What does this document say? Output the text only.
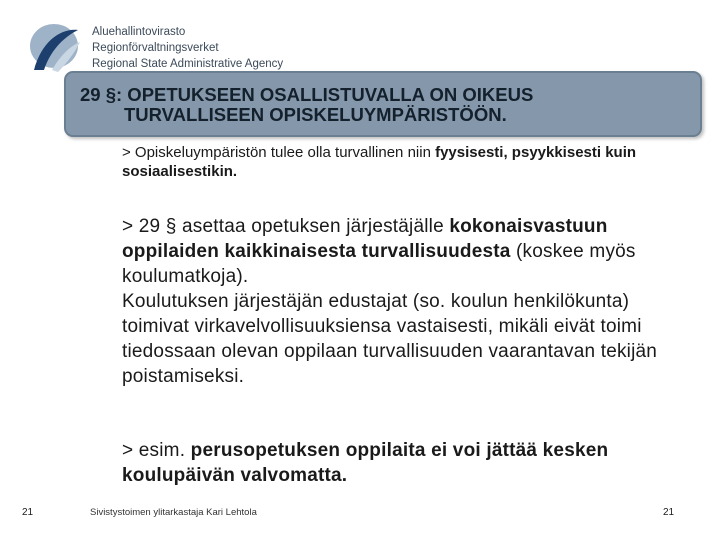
Aluehallintovirasto
Regionförvaltningsverket
Regional State Administrative Agency
29 §: OPETUKSEEN OSALLISTUVALLA ON OIKEUS
TURVALLISEEN OPISKELUYMPÄRISTÖÖN.
> Opiskeluympäristön tulee olla turvallinen niin fyysisesti, psyykkisesti kuin sosiaalisestikin.
> 29 § asettaa opetuksen järjestäjälle kokonaisvastuun oppilaiden kaikkinaisesta turvallisuudesta (koskee myös koulumatkoja).
Koulutuksen järjestäjän edustajat (so. koulun henkilökunta) toimivat virkavelvollisuuksiensa vastaisesti, mikäli eivät toimi tiedossaan olevan oppilaan turvallisuuden vaarantavan tekijän poistamiseksi.
> esim. perusopetuksen oppilaita ei voi jättää kesken koulupäivän valvomatta.
21	Sivistystoimen ylitarkastaja Kari Lehtola	21
